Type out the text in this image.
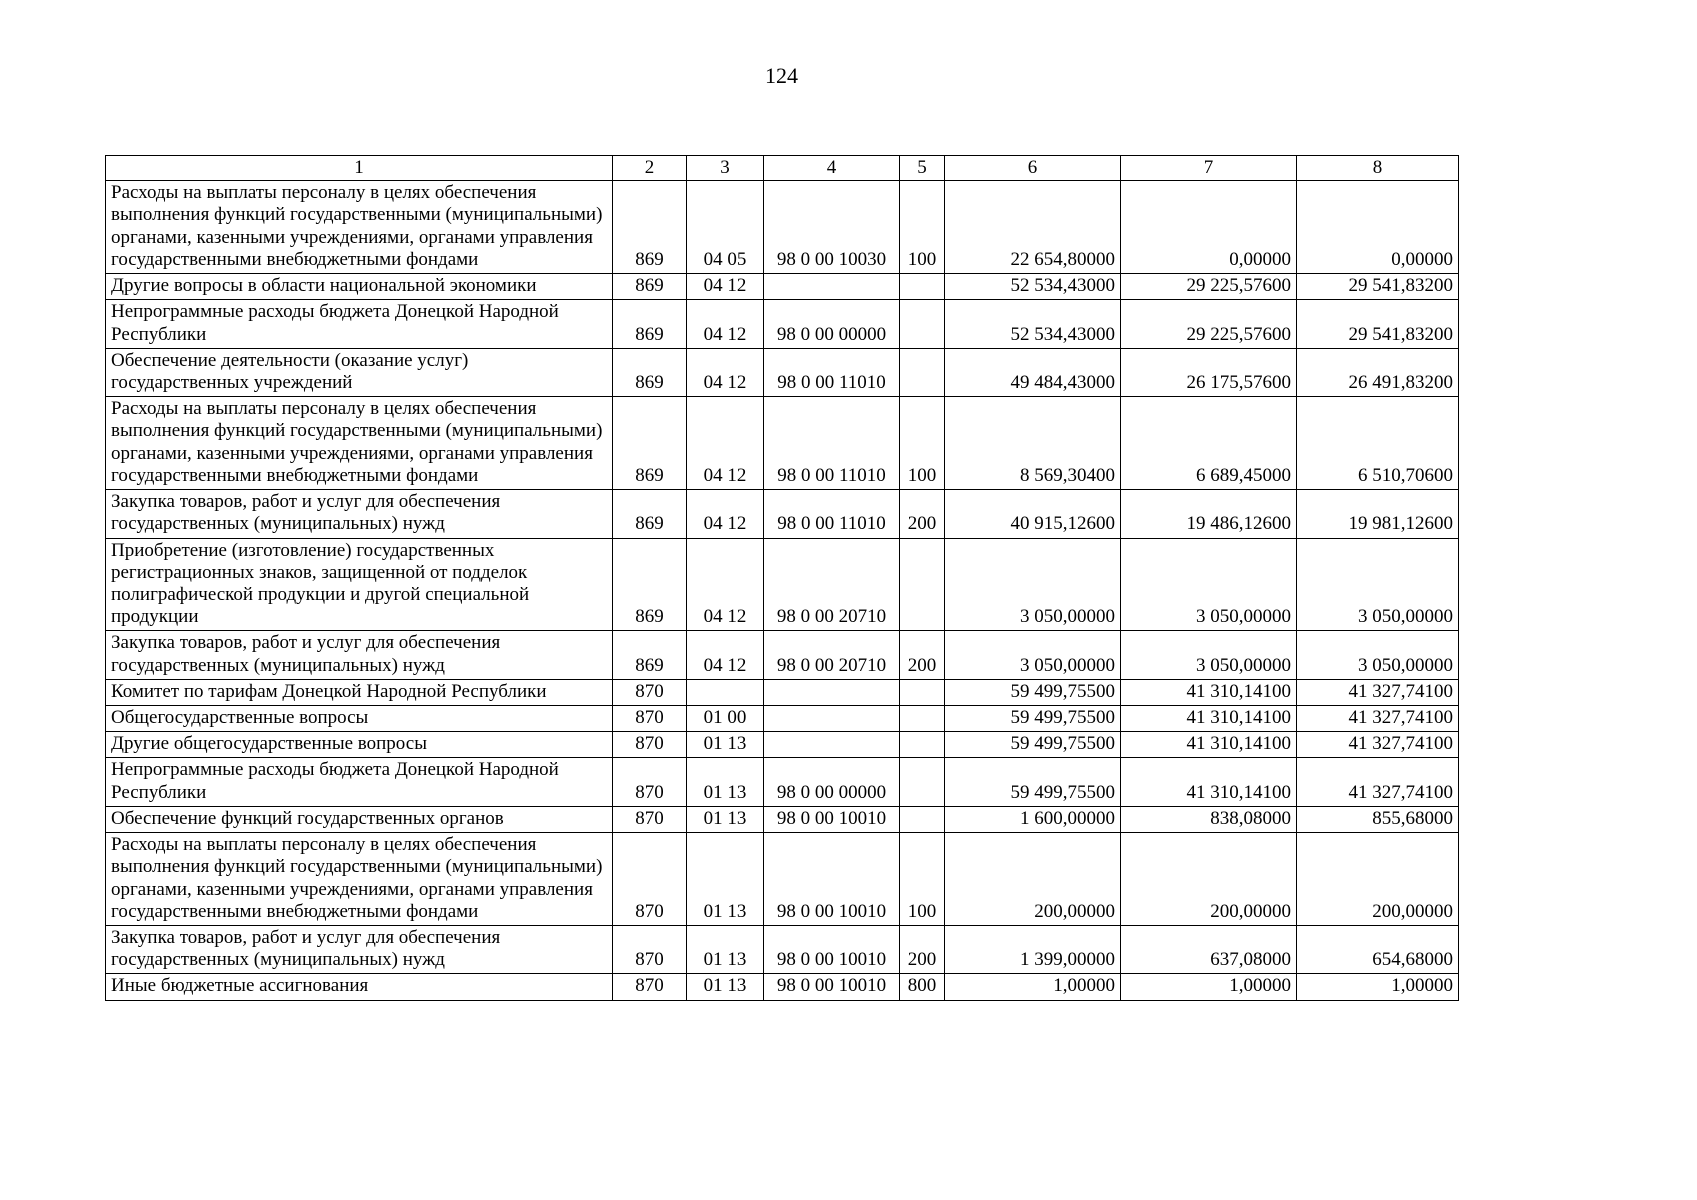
124
1	2	3	4	5	6	7	8
Расходы на выплаты персоналу в целях обеспечения выполнения функций государственными (муниципальными) органами, казенными учреждениями, органами управления государственными внебюджетными фондами	869	04 05	98 0 00 10030	100	22 654,80000	0,00000	0,00000
Другие вопросы в области национальной экономики	869	04 12			52 534,43000	29 225,57600	29 541,83200
Непрограммные расходы бюджета Донецкой Народной Республики	869	04 12	98 0 00 00000		52 534,43000	29 225,57600	29 541,83200
Обеспечение деятельности (оказание услуг) государственных учреждений	869	04 12	98 0 00 11010		49 484,43000	26 175,57600	26 491,83200
Расходы на выплаты персоналу в целях обеспечения выполнения функций государственными (муниципальными) органами, казенными учреждениями, органами управления государственными внебюджетными фондами	869	04 12	98 0 00 11010	100	8 569,30400	6 689,45000	6 510,70600
Закупка товаров, работ и услуг для обеспечения государственных (муниципальных) нужд	869	04 12	98 0 00 11010	200	40 915,12600	19 486,12600	19 981,12600
Приобретение (изготовление) государственных регистрационных знаков, защищенной от подделок полиграфической продукции и другой специальной продукции	869	04 12	98 0 00 20710		3 050,00000	3 050,00000	3 050,00000
Закупка товаров, работ и услуг для обеспечения государственных (муниципальных) нужд	869	04 12	98 0 00 20710	200	3 050,00000	3 050,00000	3 050,00000
Комитет по тарифам Донецкой Народной Республики	870				59 499,75500	41 310,14100	41 327,74100
Общегосударственные вопросы	870	01 00			59 499,75500	41 310,14100	41 327,74100
Другие общегосударственные вопросы	870	01 13			59 499,75500	41 310,14100	41 327,74100
Непрограммные расходы бюджета Донецкой Народной Республики	870	01 13	98 0 00 00000		59 499,75500	41 310,14100	41 327,74100
Обеспечение функций государственных органов	870	01 13	98 0 00 10010		1 600,00000	838,08000	855,68000
Расходы на выплаты персоналу в целях обеспечения выполнения функций государственными (муниципальными) органами, казенными учреждениями, органами управления государственными внебюджетными фондами	870	01 13	98 0 00 10010	100	200,00000	200,00000	200,00000
Закупка товаров, работ и услуг для обеспечения государственных (муниципальных) нужд	870	01 13	98 0 00 10010	200	1 399,00000	637,08000	654,68000
Иные бюджетные ассигнования	870	01 13	98 0 00 10010	800	1,00000	1,00000	1,00000
